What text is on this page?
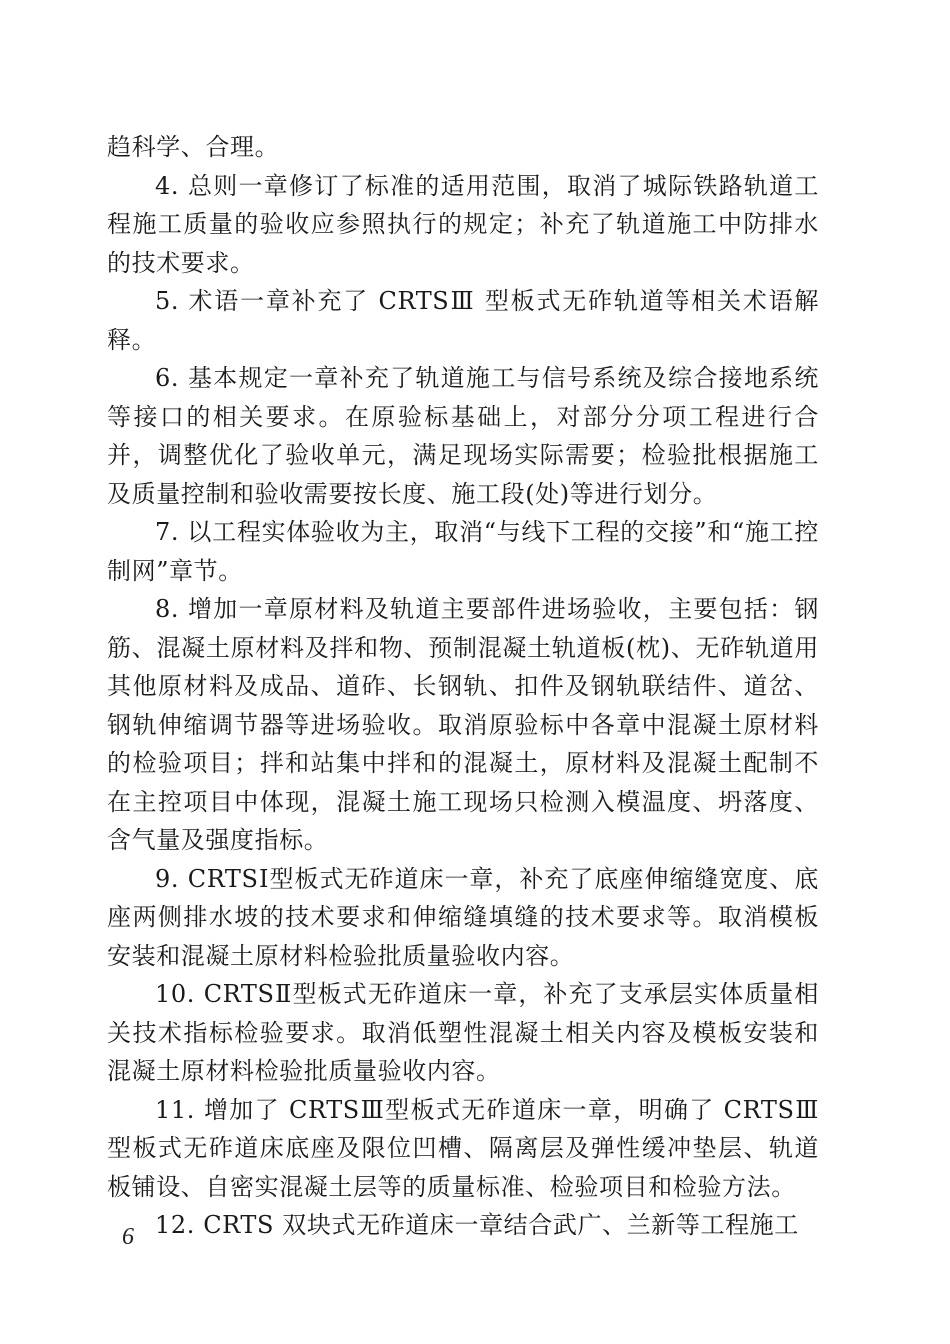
趋科学、合理。

4. 总则一章修订了标准的适用范围，取消了城际铁路轨道工程施工质量的验收应参照执行的规定；补充了轨道施工中防排水的技术要求。

5. 术语一章补充了 CRTSⅢ 型板式无砟轨道等相关术语解释。

6. 基本规定一章补充了轨道施工与信号系统及综合接地系统等接口的相关要求。在原验标基础上，对部分分项工程进行合并，调整优化了验收单元，满足现场实际需要；检验批根据施工及质量控制和验收需要按长度、施工段(处)等进行划分。

7. 以工程实体验收为主，取消“与线下工程的交接”和“施工控制网”章节。

8. 增加一章原材料及轨道主要部件进场验收，主要包括：钢筋、混凝土原材料及拌和物、预制混凝土轨道板(枕)、无砟轨道用其他原材料及成品、道砟、长钢轨、扣件及钢轨联结件、道岔、钢轨伸缩调节器等进场验收。取消原验标中各章中混凝土原材料的检验项目；拌和站集中拌和的混凝土，原材料及混凝土配制不在主控项目中体现，混凝土施工现场只检测入模温度、坍落度、含气量及强度指标。

9. CRTSⅠ型板式无砟道床一章，补充了底座伸缩缝宽度、底座两侧排水坡的技术要求和伸缩缝填缝的技术要求等。取消模板安装和混凝土原材料检验批质量验收内容。

10. CRTSⅡ型板式无砟道床一章，补充了支承层实体质量相关技术指标检验要求。取消低塑性混凝土相关内容及模板安装和混凝土原材料检验批质量验收内容。

11. 增加了 CRTSⅢ型板式无砟道床一章，明确了 CRTSⅢ 型板式无砟道床底座及限位凹槽、隔离层及弹性缓冲垫层、轨道板铺设、自密实混凝土层等的质量标准、检验项目和检验方法。

12. CRTS 双块式无砟道床一章结合武广、兰新等工程施工

6
